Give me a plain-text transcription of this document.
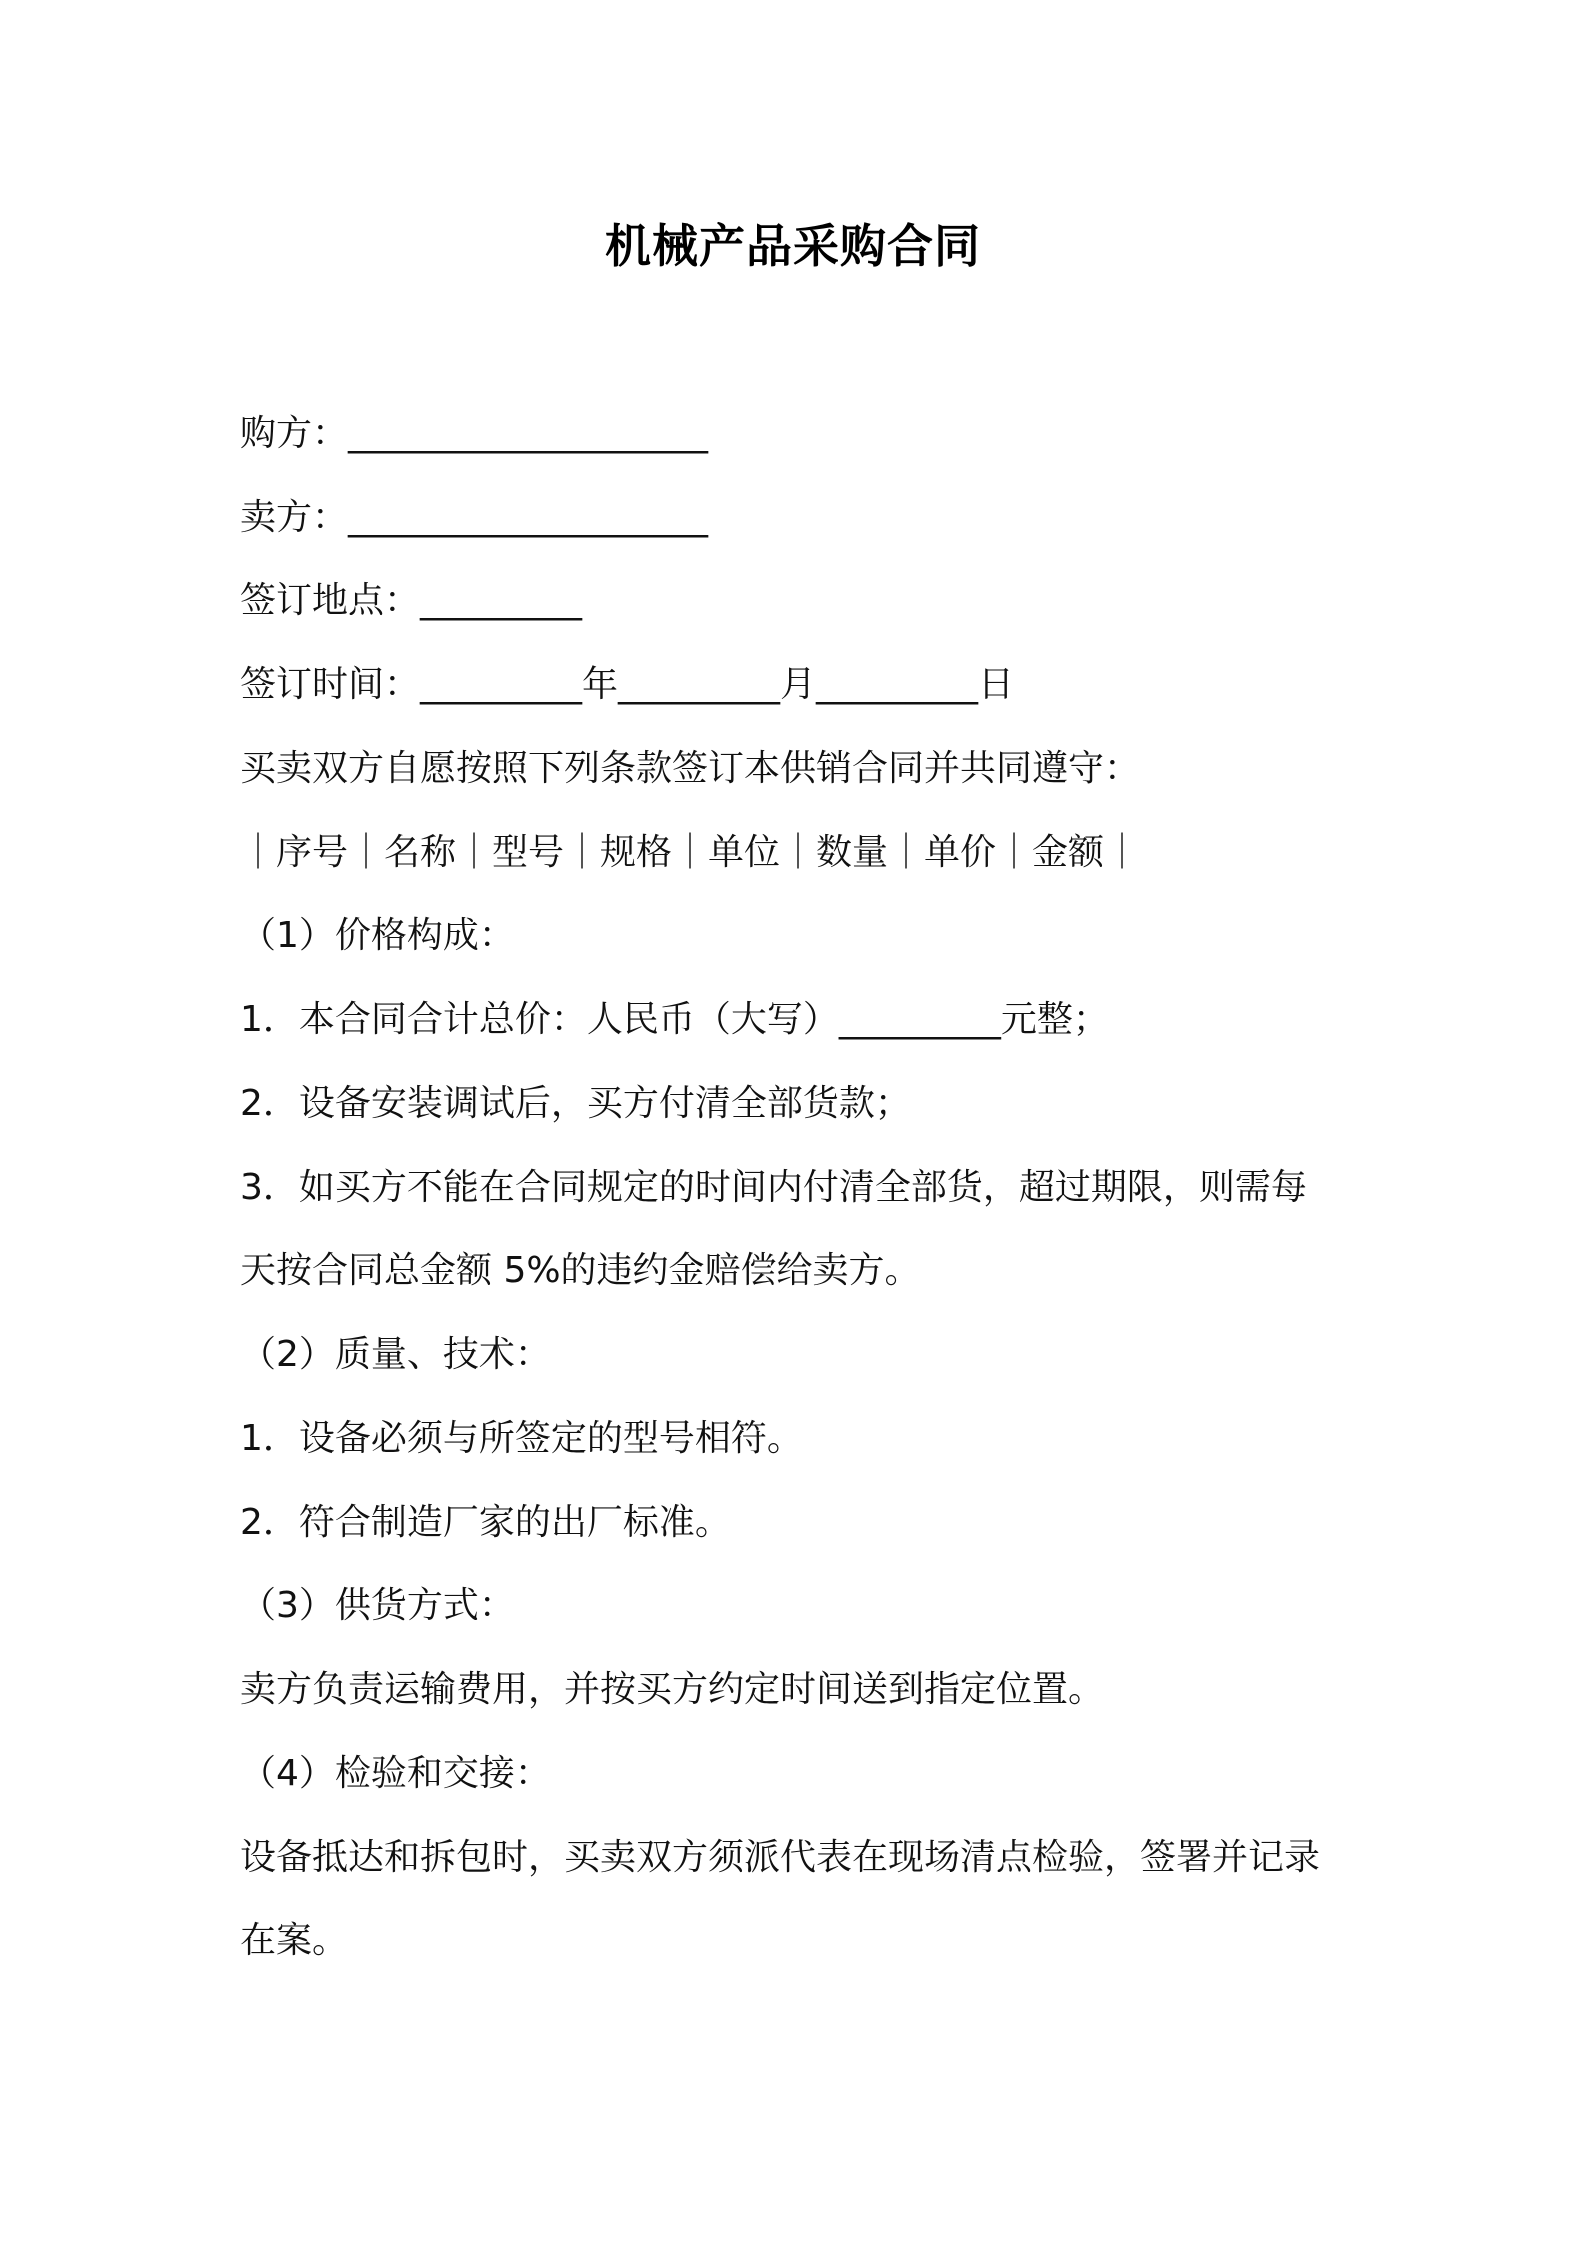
机械产品采购合同
购方：____________________
卖方：____________________
签订地点：_________
签订时间：_________年_________月_________日
买卖双方自愿按照下列条款签订本供销合同并共同遵守：
｜序号｜名称｜型号｜规格｜单位｜数量｜单价｜金额｜
（1）价格构成：
1．本合同合计总价：人民币（大写）_________元整；
2．设备安装调试后，买方付清全部货款；
3．如买方不能在合同规定的时间内付清全部货，超过期限，则需每
天按合同总金额 5%的违约金赔偿给卖方。
（2）质量、技术：
1．设备必须与所签定的型号相符。
2．符合制造厂家的出厂标准。
（3）供货方式：
卖方负责运输费用，并按买方约定时间送到指定位置。
（4）检验和交接：
设备抵达和拆包时，买卖双方须派代表在现场清点检验，签署并记录
在案。
